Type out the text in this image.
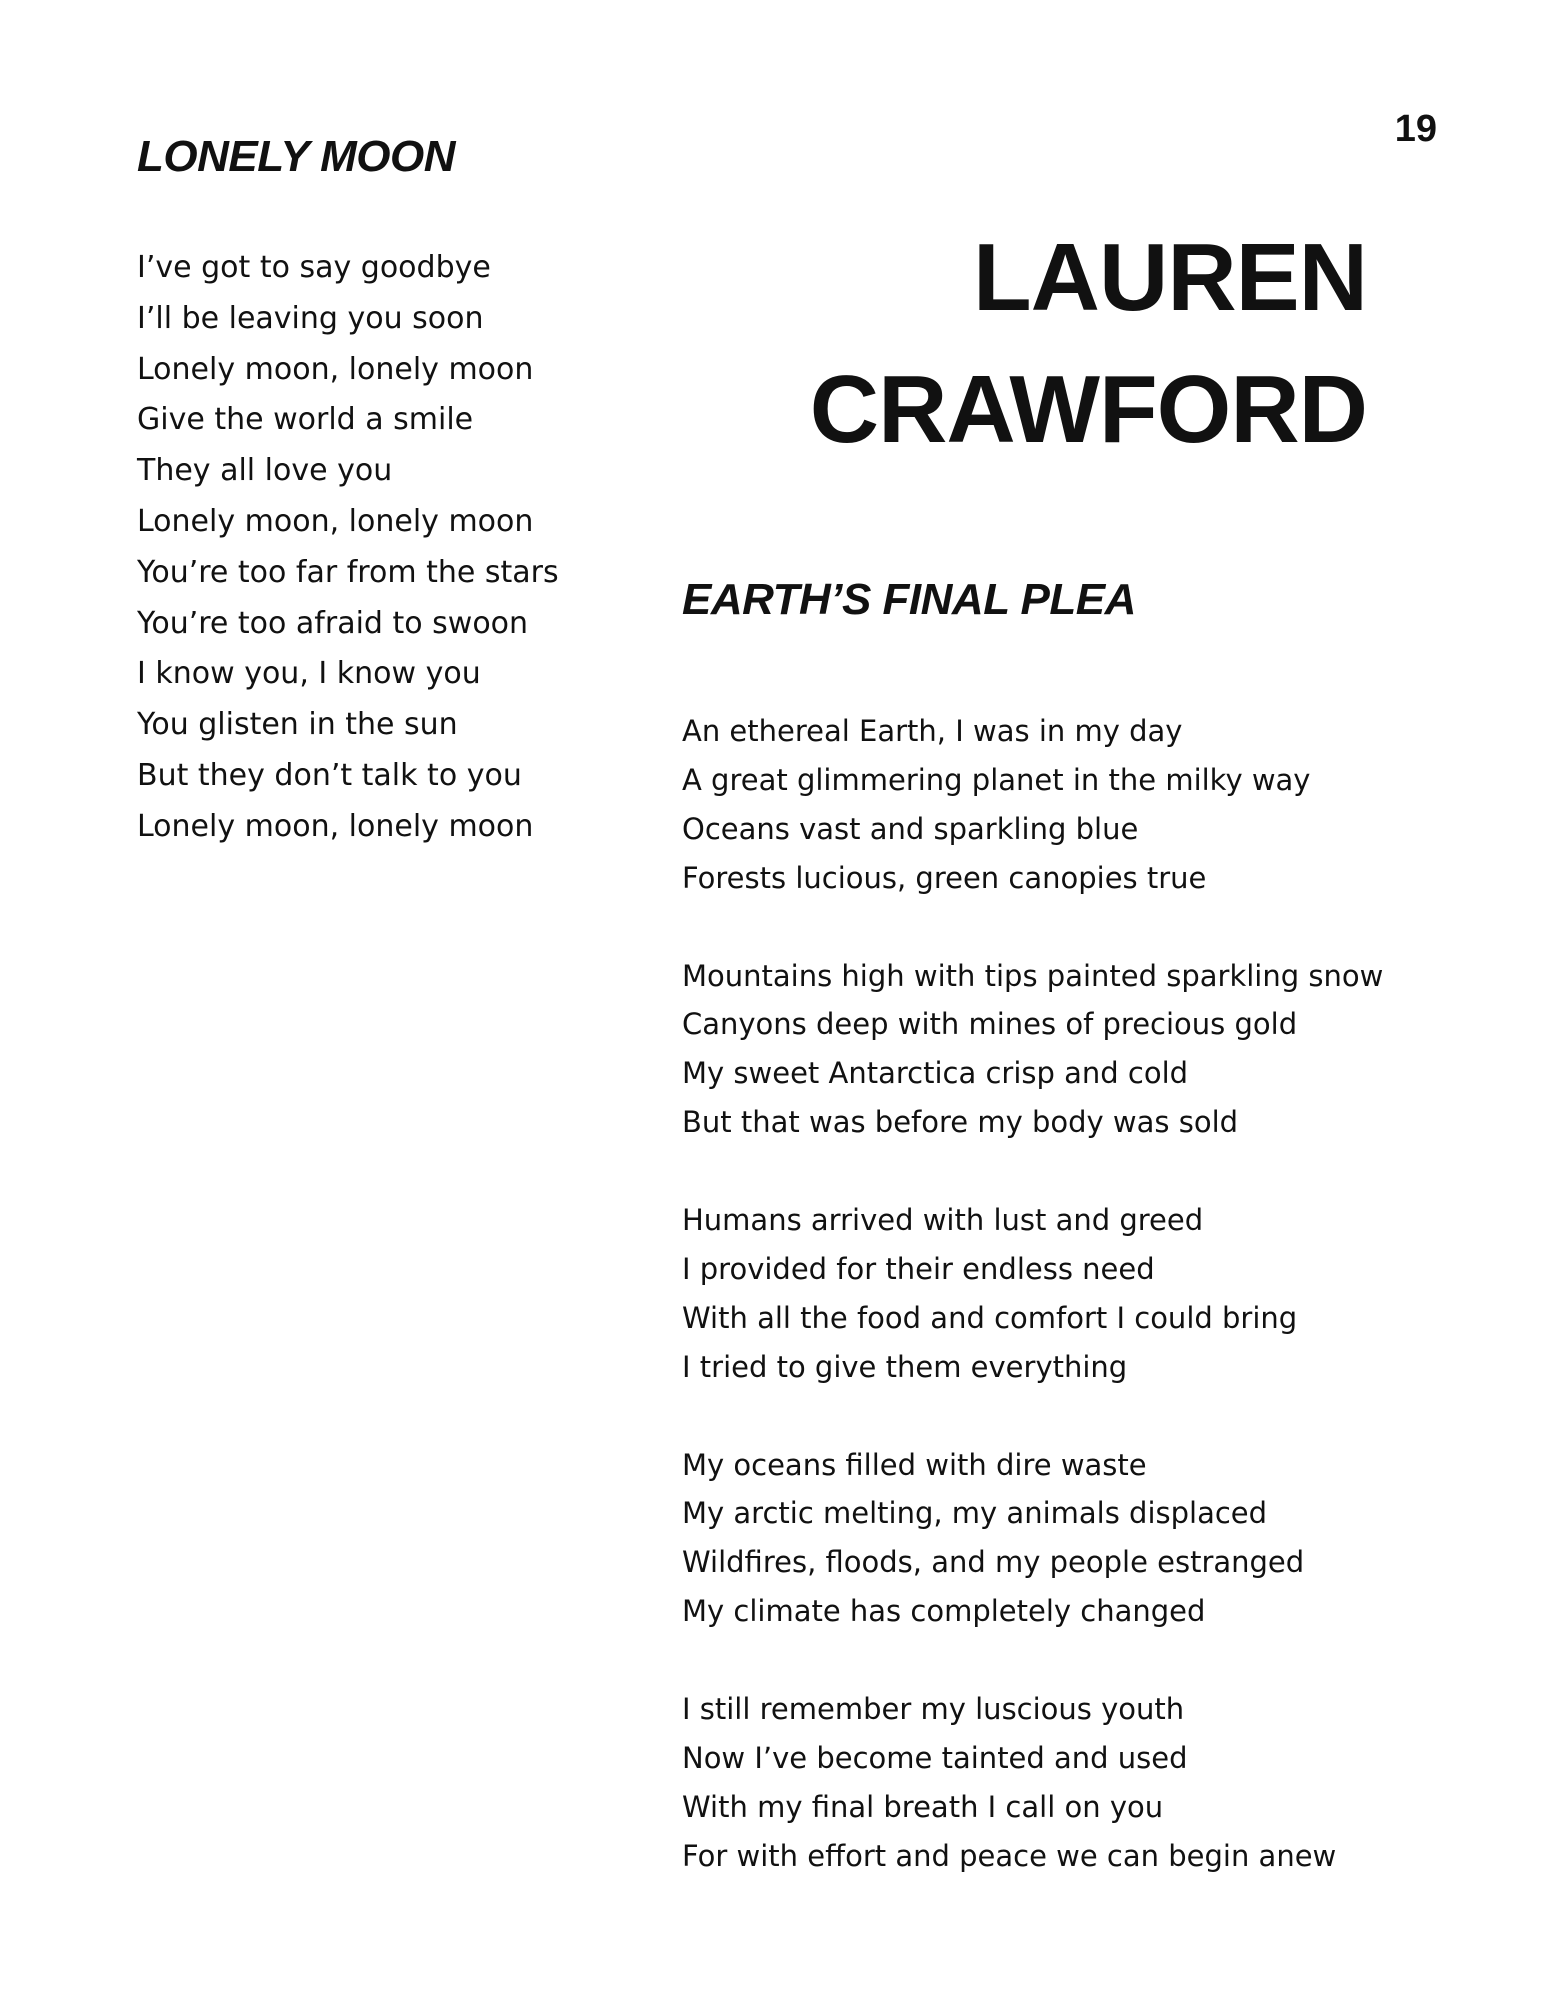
19
LONELY MOON
I’ve got to say goodbye
I’ll be leaving you soon
Lonely moon, lonely moon
Give the world a smile
They all love you
Lonely moon, lonely moon
You’re too far from the stars
You’re too afraid to swoon
I know you, I know you
You glisten in the sun
But they don’t talk to you
Lonely moon, lonely moon
LAUREN
CRAWFORD
EARTH’S FINAL PLEA
An ethereal Earth, I was in my day
A great glimmering planet in the milky way
Oceans vast and sparkling blue
Forests lucious, green canopies true
Mountains high with tips painted sparkling snow
Canyons deep with mines of precious gold
My sweet Antarctica crisp and cold
But that was before my body was sold
Humans arrived with lust and greed
I provided for their endless need
With all the food and comfort I could bring
I tried to give them everything
My oceans filled with dire waste
My arctic melting, my animals displaced
Wildfires, floods, and my people estranged
My climate has completely changed
I still remember my luscious youth
Now I’ve become tainted and used
With my final breath I call on you
For with effort and peace we can begin anew
